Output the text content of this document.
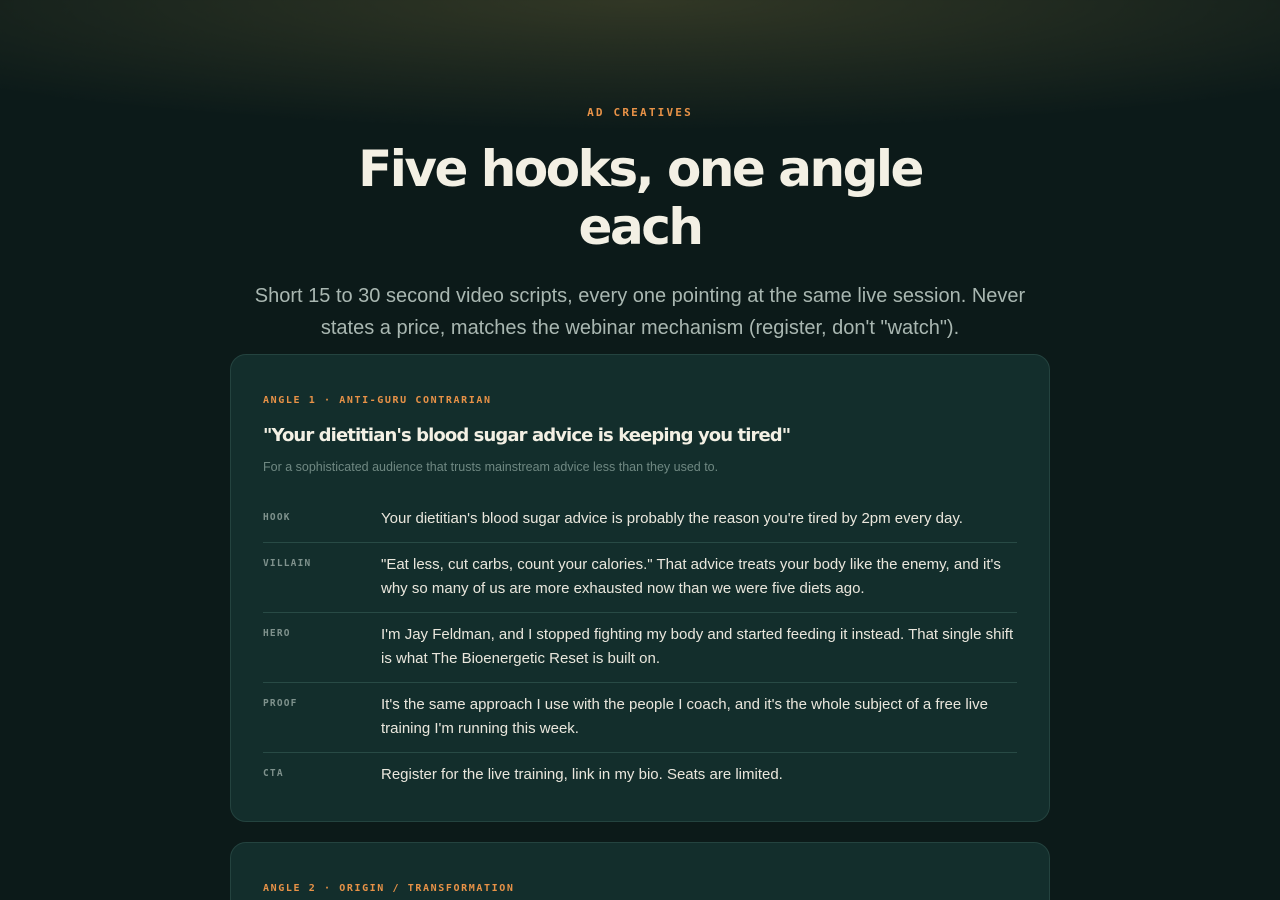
AD CREATIVES
Five hooks, one angle each

Short 15 to 30 second video scripts, every one pointing at the same live session. Never states a price, matches the webinar mechanism (register, don't "watch").

ANGLE 1 · ANTI-GURU CONTRARIAN
"Your dietitian's blood sugar advice is keeping you tired"

For a sophisticated audience that trusts mainstream advice less than they used to.

HOOK	Your dietitian's blood sugar advice is probably the reason you're tired by 2pm every day.
VILLAIN	"Eat less, cut carbs, count your calories." That advice treats your body like the enemy, and it's why so many of us are more exhausted now than we were five diets ago.
HERO	I'm Jay Feldman, and I stopped fighting my body and started feeding it instead. That single shift is what The Bioenergetic Reset is built on.
PROOF	It's the same approach I use with the people I coach, and it's the whole subject of a free live training I'm running this week.
CTA	Register for the live training, link in my bio. Seats are limited.
ANGLE 2 · ORIGIN / TRANSFORMATION
